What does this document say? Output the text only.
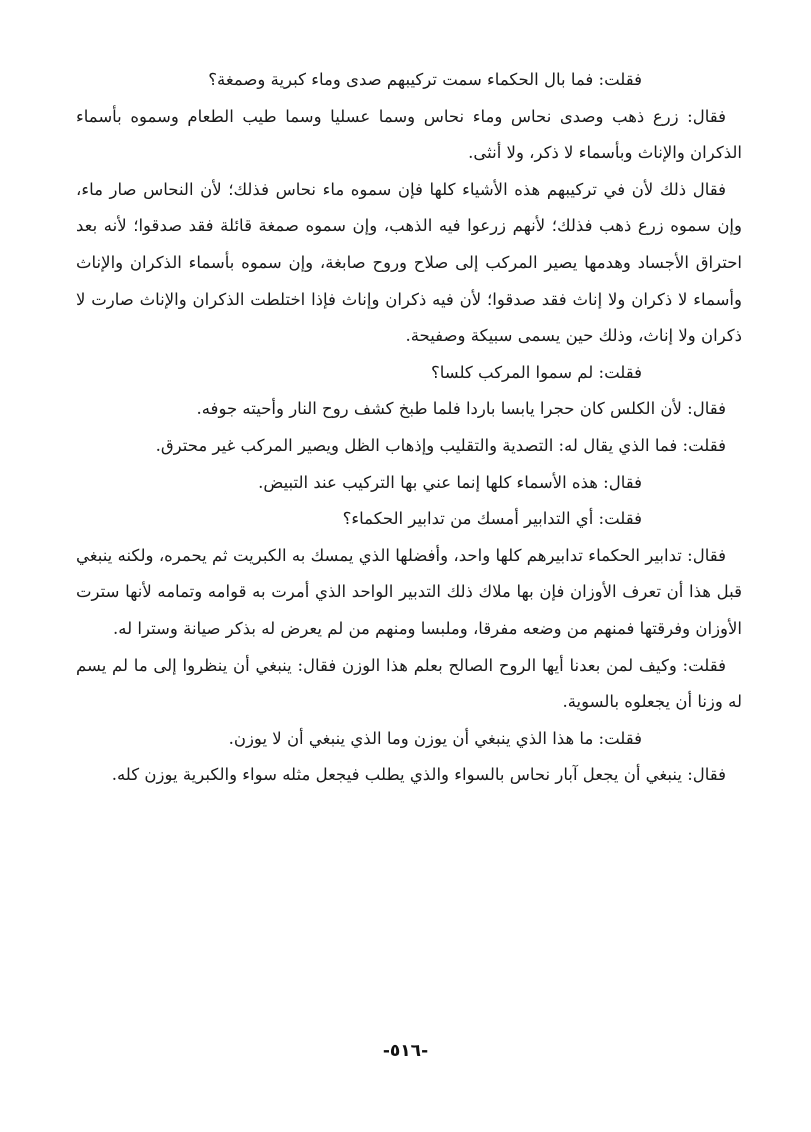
فقلت: فما بال الحكماء سمت تركيبهم صدى وماء كبرية وصمغة؟

فقال: زرع ذهب وصدى نحاس وماء نحاس وسما عسليا وسما طيب الطعام وسموه بأسماء الذكران والإناث وبأسماء لا ذكر، ولا أنثى.

فقال ذلك لأن في تركيبهم هذه الأشياء كلها فإن سموه ماء نحاس فذلك؛ لأن النحاس صار ماء، وإن سموه زرع ذهب فذلك؛ لأنهم زرعوا فيه الذهب، وإن سموه صمغة قائلة فقد صدقوا؛ لأنه بعد احتراق الأجساد وهدمها يصير المركب إلى صلاح وروح صابغة، وإن سموه بأسماء الذكران والإناث وأسماء لا ذكران ولا إناث فقد صدقوا؛ لأن فيه ذكران وإناث فإذا اختلطت الذكران والإناث صارت لا ذكران ولا إناث، وذلك حين يسمى سبيكة وصفيحة.

فقلت: لم سموا المركب كلسا؟

فقال: لأن الكلس كان حجرا يابسا باردا فلما طبخ كشف روح النار وأحيته جوفه.

فقلت: فما الذي يقال له: التصدية والتقليب وإذهاب الظل ويصير المركب غير محترق.

فقال: هذه الأسماء كلها إنما عني بها التركيب عند التبيض.

فقلت: أي التدابير أمسك من تدابير الحكماء؟

فقال: تدابير الحكماء تدابيرهم كلها واحد، وأفضلها الذي يمسك به الكبريت ثم يحمره، ولكنه ينبغي قبل هذا أن تعرف الأوزان فإن بها ملاك ذلك التدبير الواحد الذي أمرت به قوامه وتمامه لأنها سترت الأوزان وفرقتها فمنهم من وضعه مفرقا، وملبسا ومنهم من لم يعرض له بذكر صيانة وسترا له.

فقلت: وكيف لمن بعدنا أيها الروح الصالح بعلم هذا الوزن فقال: ينبغي أن ينظروا إلى ما لم يسم له وزنا أن يجعلوه بالسوية.

فقلت: ما هذا الذي ينبغي أن يوزن وما الذي ينبغي أن لا يوزن.

فقال: ينبغي أن يجعل آبار نحاس بالسواء والذي يطلب فيجعل مثله سواء والكبرية يوزن كله.

-٥١٦-
